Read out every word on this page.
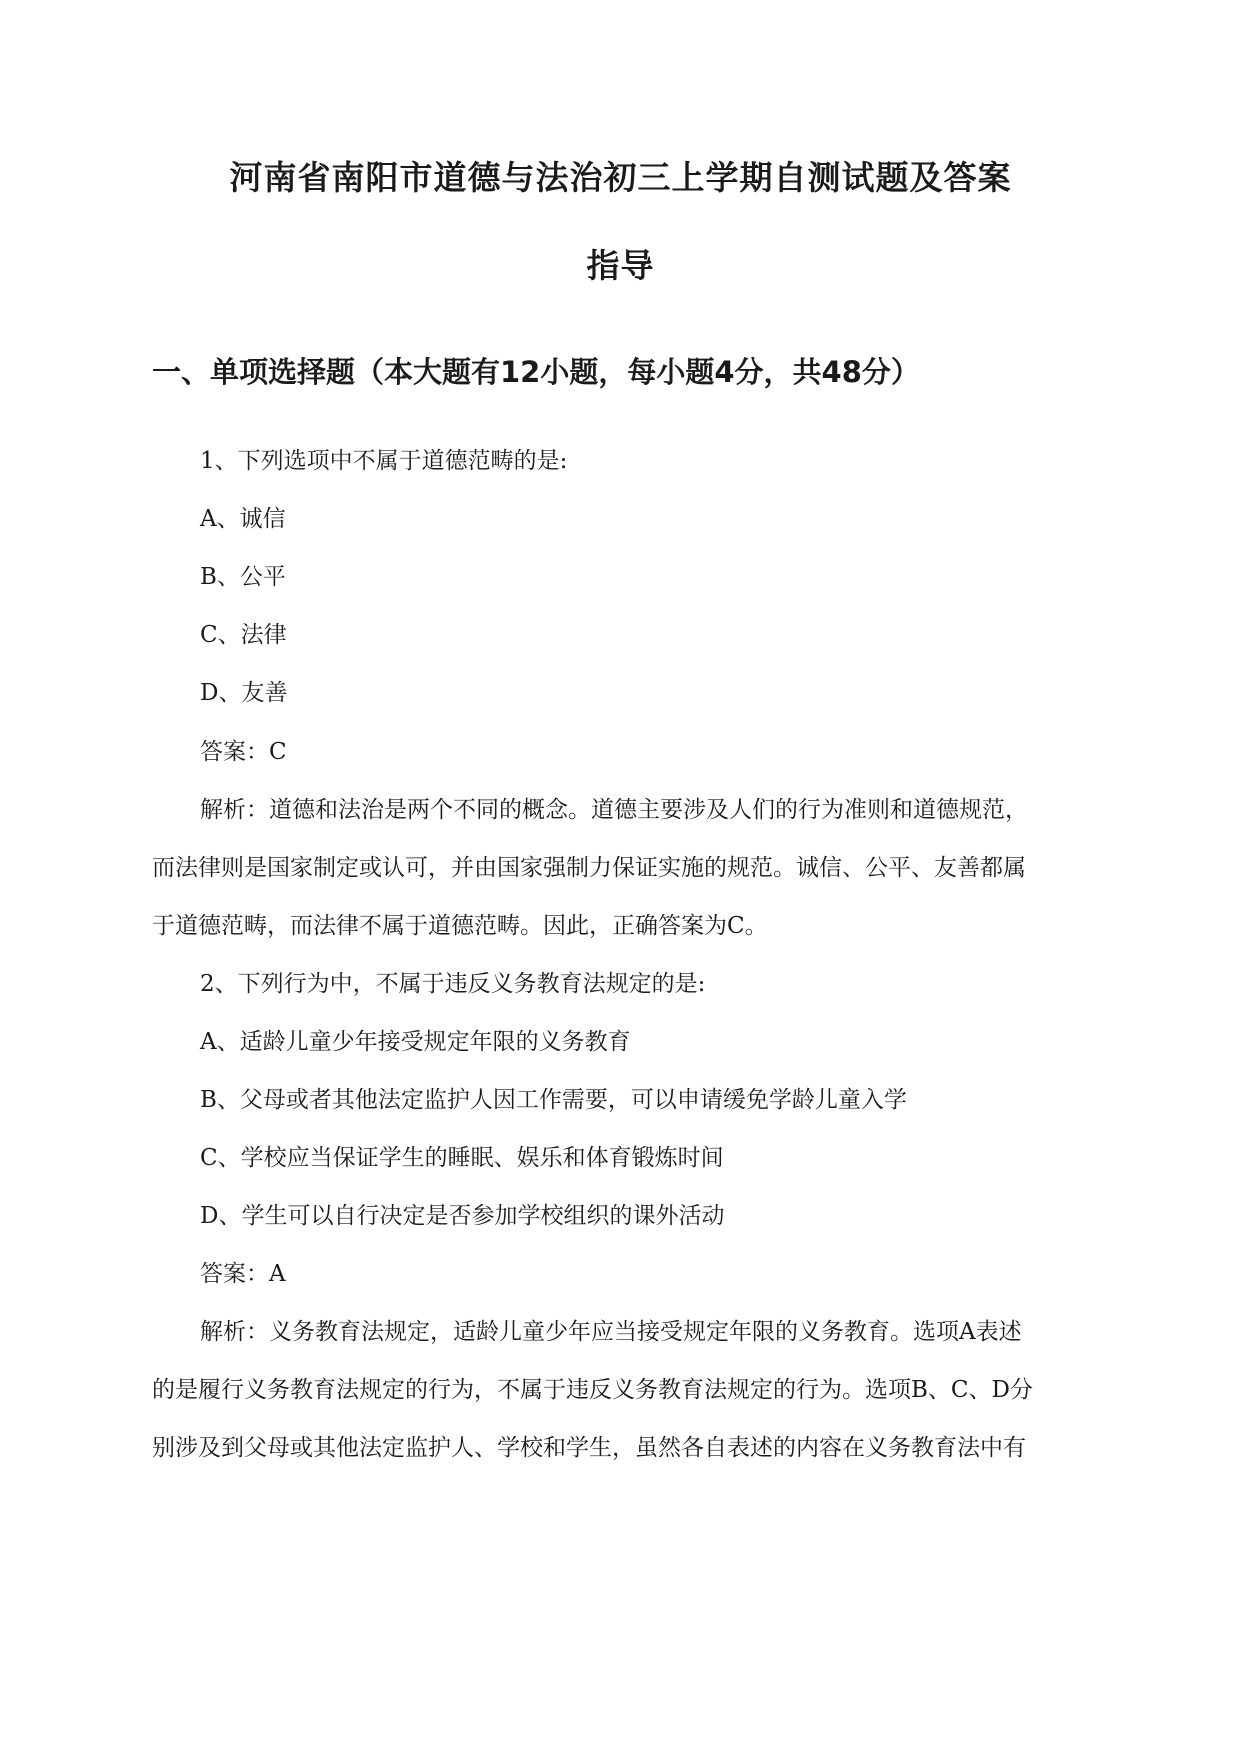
河南省南阳市道德与法治初三上学期自测试题及答案
指导
一、单项选择题（本大题有12小题，每小题4分，共48分）
1、下列选项中不属于道德范畴的是:
A、诚信
B、公平
C、法律
D、友善
答案：C
解析：道德和法治是两个不同的概念。道德主要涉及人们的行为准则和道德规范，
而法律则是国家制定或认可，并由国家强制力保证实施的规范。诚信、公平、友善都属
于道德范畴，而法律不属于道德范畴。因此，正确答案为C。
2、下列行为中，不属于违反义务教育法规定的是:
A、适龄儿童少年接受规定年限的义务教育
B、父母或者其他法定监护人因工作需要，可以申请缓免学龄儿童入学
C、学校应当保证学生的睡眠、娱乐和体育锻炼时间
D、学生可以自行决定是否参加学校组织的课外活动
答案：A
解析：义务教育法规定，适龄儿童少年应当接受规定年限的义务教育。选项A表述
的是履行义务教育法规定的行为，不属于违反义务教育法规定的行为。选项B、C、D分
别涉及到父母或其他法定监护人、学校和学生，虽然各自表述的内容在义务教育法中有
